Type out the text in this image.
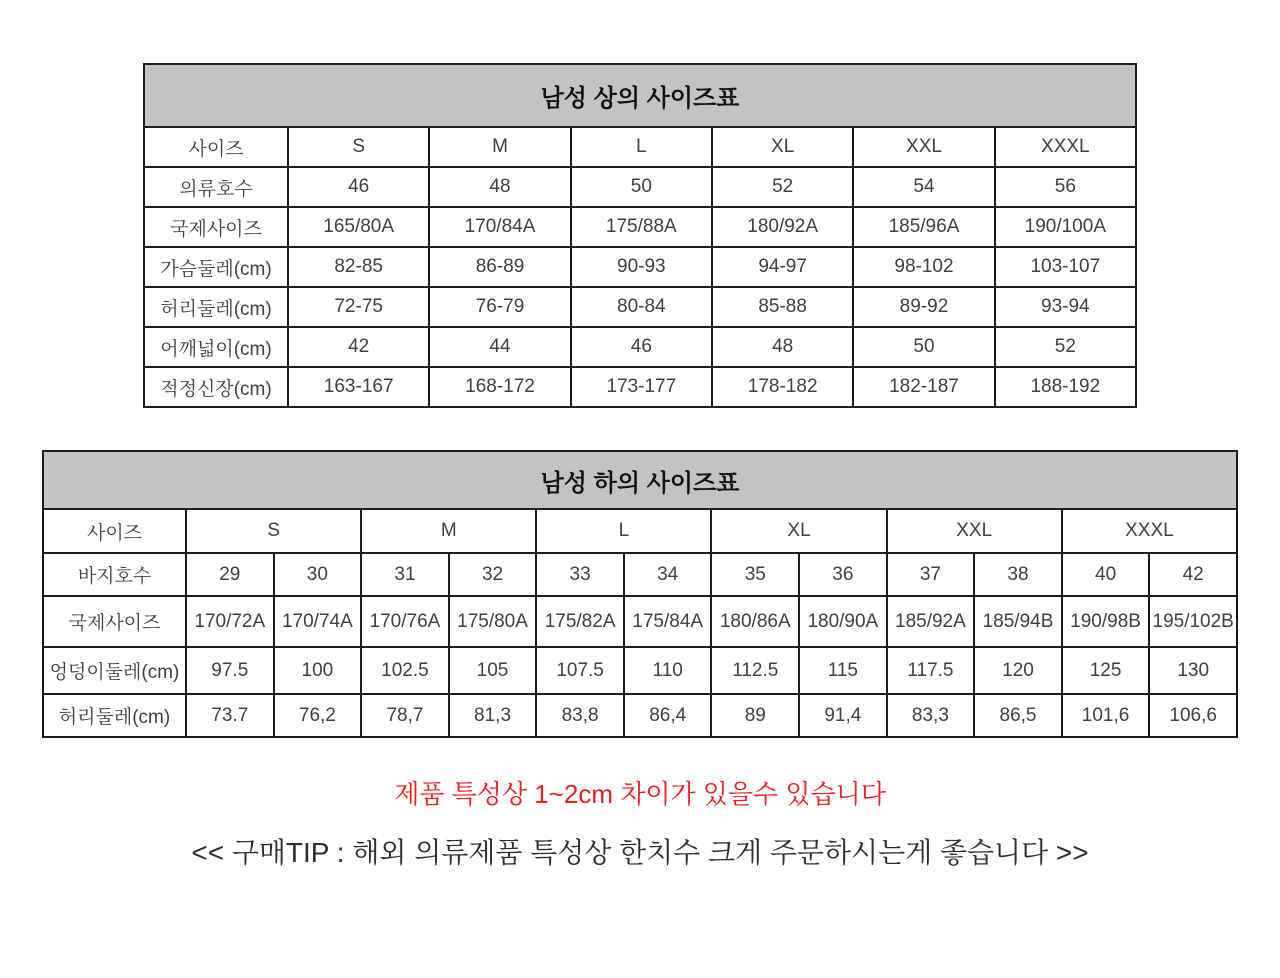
남성 상의 사이즈표						
사이즈	S	M	L	XL	XXL	XXXL
의류호수	46	48	50	52	54	56
국제사이즈	165/80A	170/84A	175/88A	180/92A	185/96A	190/100A
가슴둘레(cm)	82-85	86-89	90-93	94-97	98-102	103-107
허리둘레(cm)	72-75	76-79	80-84	85-88	89-92	93-94
어깨넓이(cm)	42	44	46	48	50	52
적정신장(cm)	163-167	168-172	173-177	178-182	182-187	188-192
남성 하의 사이즈표												
사이즈	S		M		L		XL		XXL		XXXL	
바지호수	29	30	31	32	33	34	35	36	37	38	40	42
국제사이즈	170/72A	170/74A	170/76A	175/80A	175/82A	175/84A	180/86A	180/90A	185/92A	185/94B	190/98B	195/102B
엉덩이둘레(cm)	97.5	100	102.5	105	107.5	110	112.5	115	117.5	120	125	130
허리둘레(cm)	73.7	76,2	78,7	81,3	83,8	86,4	89	91,4	83,3	86,5	101,6	106,6
제품 특성상 1~2cm 차이가 있을수 있습니다
<< 구매TIP : 해외 의류제품 특성상 한치수 크게 주문하시는게 좋습니다 >>
